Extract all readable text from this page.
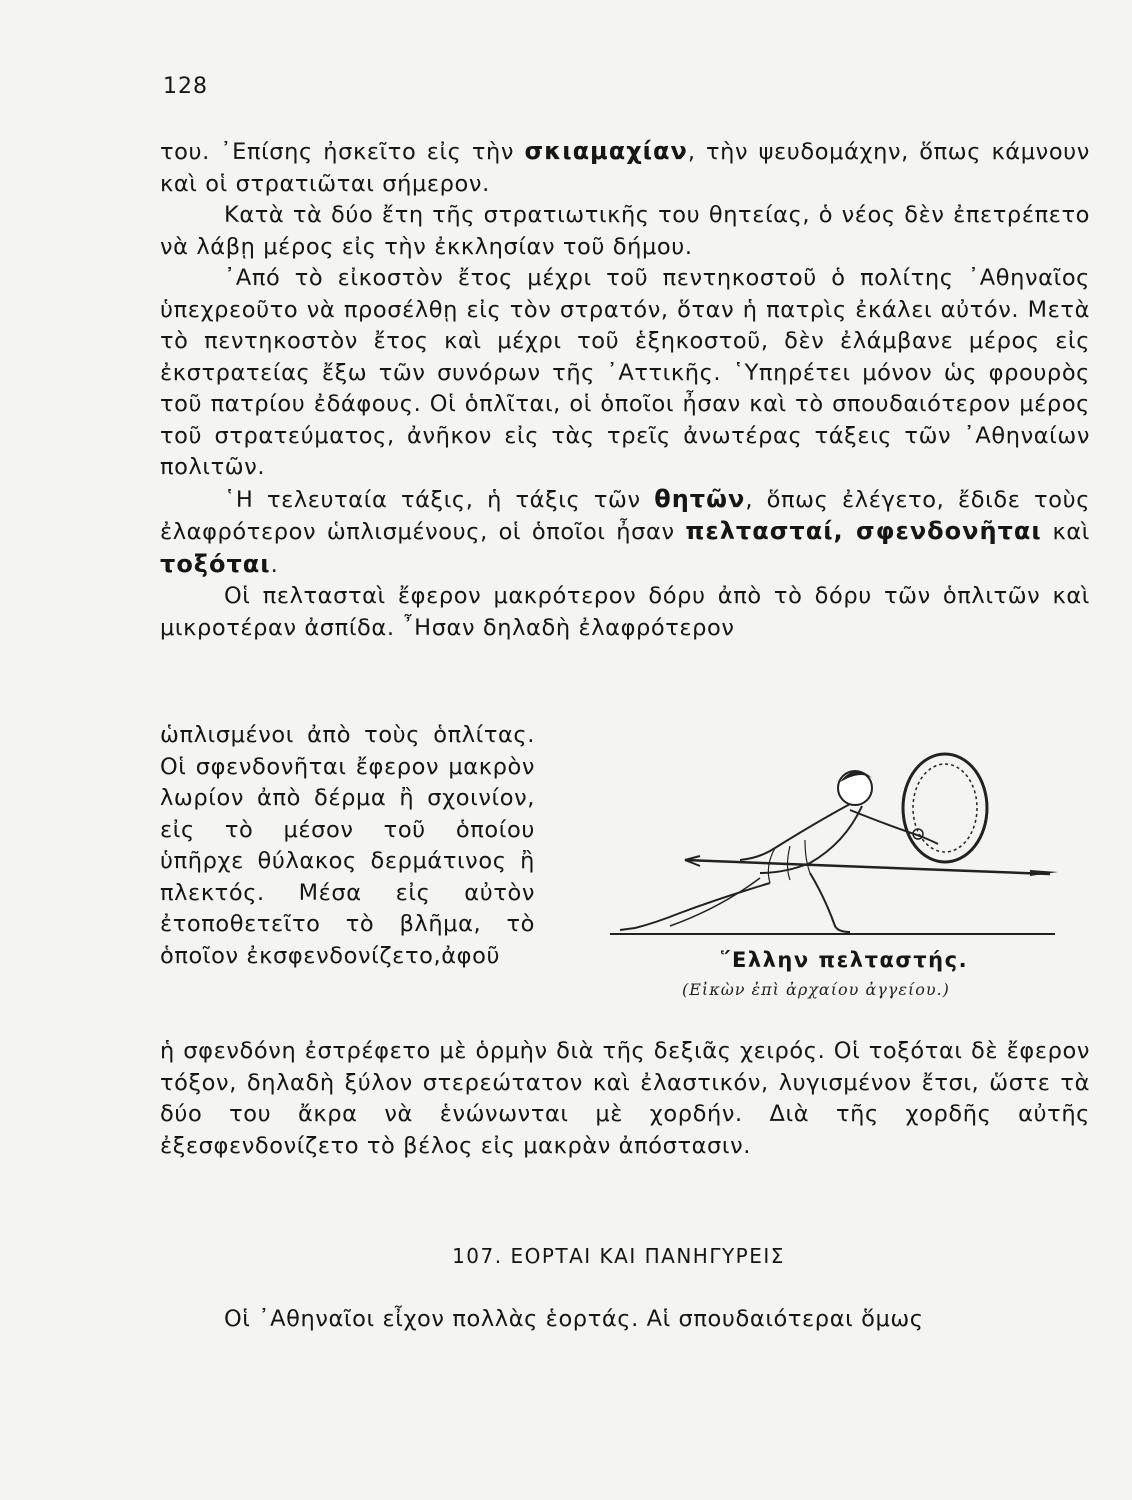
128

του. ᾽Επίσης ἠσκεῖτο εἰς τὴν σκιαμαχίαν, τὴν ψευδομάχην, ὅπως κάμνουν καὶ οἱ στρατιῶται σήμερον.

Κατὰ τὰ δύο ἔτη τῆς στρατιωτικῆς του θητείας, ὁ νέος δὲν ἐπετρέπετο νὰ λάβῃ μέρος εἰς τὴν ἐκκλησίαν τοῦ δήμου.

᾽Από τὸ εἰκοστὸν ἔτος μέχρι τοῦ πεντηκοστοῦ ὁ πολίτης ᾽Αθηναῖος ὑπεχρεοῦτο νὰ προσέλθῃ εἰς τὸν στρατόν, ὅταν ἡ πατρὶς ἐκάλει αὐτόν. Μετὰ τὸ πεντηκοστὸν ἔτος καὶ μέχρι τοῦ ἑξηκοστοῦ, δὲν ἐλάμβανε μέρος εἰς ἐκστρατείας ἔξω τῶν συνόρων τῆς ᾽Αττικῆς. ῾Υπηρέτει μόνον ὡς φρουρὸς τοῦ πατρίου ἐδάφους. Οἱ ὁπλῖται, οἱ ὁποῖοι ἦσαν καὶ τὸ σπουδαιότερον μέρος τοῦ στρατεύματος, ἀνῆκον εἰς τὰς τρεῖς ἀνωτέρας τάξεις τῶν ᾽Αθηναίων πολιτῶν.

῾Η τελευταία τάξις, ἡ τάξις τῶν θητῶν, ὅπως ἐλέγετο, ἔδιδε τοὺς ἐλαφρότερον ὡπλισμένους, οἱ ὁποῖοι ἦσαν πελτασταί, σφενδονῆται καὶ τοξόται.

Οἱ πελτασταὶ ἔφερον μακρότερον δόρυ ἀπὸ τὸ δόρυ τῶν ὁπλιτῶν καὶ μικροτέραν ἀσπίδα. ῏Ησαν δηλαδὴ ἐλαφρότερον

ὡπλισμένοι ἀπὸ τοὺς ὁπλίτας. Οἱ σφενδονῆται ἔφερον μακρὸν λωρίον ἀπὸ δέρμα ἢ σχοινίον, εἰς τὸ μέσον τοῦ ὁποίου ὑπῆρχε θύλακος δερμάτινος ἢ πλεκτός. Μέσα εἰς αὐτὸν ἐτοποθετεῖτο τὸ βλῆμα, τὸ ὁποῖον ἐκσφενδονίζετο,ἀφοῦ	῞Ελλην πελταστής.
(Εἰκὼν ἐπὶ ἀρχαίου ἀγγείου.)

ἡ σφενδόνη ἐστρέφετο μὲ ὁρμὴν διὰ τῆς δεξιᾶς χειρός. Οἱ τοξόται δὲ ἔφερον τόξον, δηλαδὴ ξύλον στερεώτατον καὶ ἐλαστικόν, λυγισμένον ἔτσι, ὥστε τὰ δύο του ἄκρα νὰ ἑνώνωνται μὲ χορδήν. Διὰ τῆς χορδῆς αὐτῆς ἐξεσφενδονίζετο τὸ βέλος εἰς μακρὰν ἀπόστασιν.

107. ΕΟΡΤΑΙ ΚΑΙ ΠΑΝΗΓΥΡΕΙΣ

Οἱ ᾽Αθηναῖοι εἶχον πολλὰς ἑορτάς. Αἱ σπουδαιότεραι ὅμως
